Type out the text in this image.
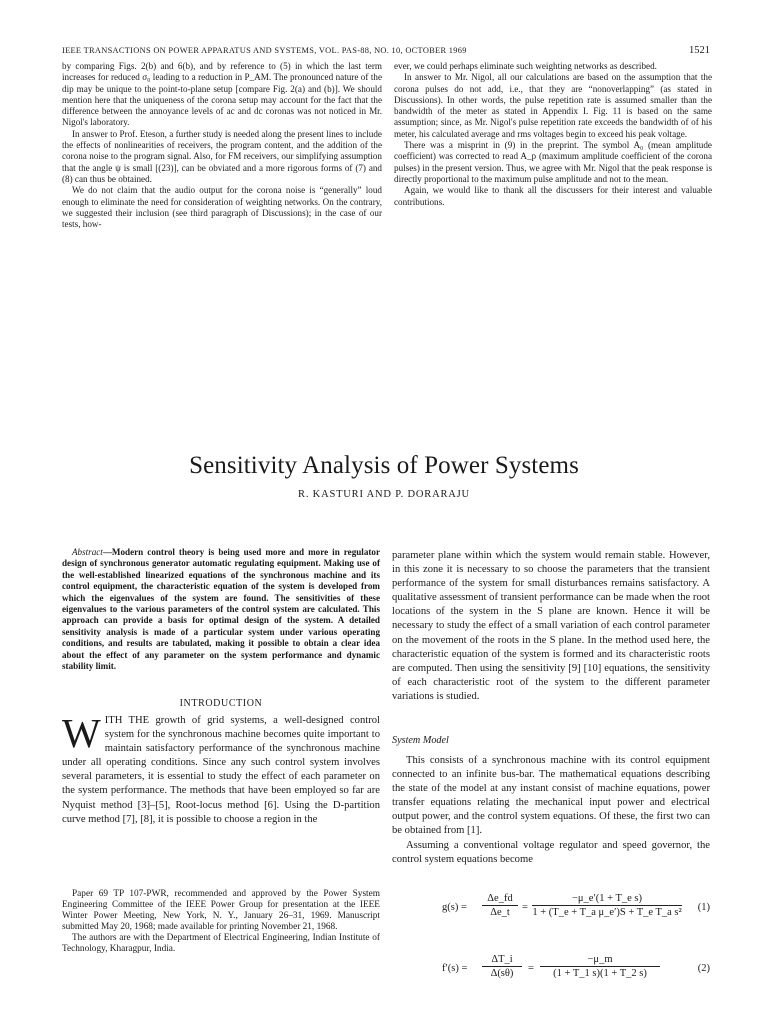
IEEE TRANSACTIONS ON POWER APPARATUS AND SYSTEMS, VOL. PAS-88, NO. 10, OCTOBER 1969	1521

by comparing Figs. 2(b) and 6(b), and by reference to (5) in which the last term increases for reduced σ₀ leading to a reduction in P_AM. The pronounced nature of the dip may be unique to the point-to-plane setup [compare Fig. 2(a) and (b)]. We should mention here that the uniqueness of the corona setup may account for the fact that the difference between the annoyance levels of ac and dc coronas was not noticed in Mr. Nigol's laboratory.

In answer to Prof. Eteson, a further study is needed along the present lines to include the effects of nonlinearities of receivers, the program content, and the addition of the corona noise to the program signal. Also, for FM receivers, our simplifying assumption that the angle ψ is small [(23)], can be obviated and a more rigorous forms of (7) and (8) can thus be obtained.

We do not claim that the audio output for the corona noise is “generally” loud enough to eliminate the need for consideration of weighting networks. On the contrary, we suggested their inclusion (see third paragraph of Discussions); in the case of our tests, how-

ever, we could perhaps eliminate such weighting networks as described.

In answer to Mr. Nigol, all our calculations are based on the assumption that the corona pulses do not add, i.e., that they are “nonoverlapping” (as stated in Discussions). In other words, the pulse repetition rate is assumed smaller than the bandwidth of the meter as stated in Appendix I. Fig. 11 is based on the same assumption; since, as Mr. Nigol's pulse repetition rate exceeds the bandwidth of of his meter, his calculated average and rms voltages begin to exceed his peak voltage.

There was a misprint in (9) in the preprint. The symbol A₀ (mean amplitude coefficient) was corrected to read A_p (maximum amplitude coefficient of the corona pulses) in the present version. Thus, we agree with Mr. Nigol that the peak response is directly proportional to the maximum pulse amplitude and not to the mean.

Again, we would like to thank all the discussers for their interest and valuable contributions.

Sensitivity Analysis of Power Systems
R. KASTURI AND P. DORARAJU

Abstract—Modern control theory is being used more and more in regulator design of synchronous generator automatic regulating equipment. Making use of the well-established linearized equations of the synchronous machine and its control equipment, the characteristic equation of the system is developed from which the eigenvalues of the system are found. The sensitivities of these eigenvalues to the various parameters of the control system are calculated. This approach can provide a basis for optimal design of the system. A detailed sensitivity analysis is made of a particular system under various operating conditions, and results are tabulated, making it possible to obtain a clear idea about the effect of any parameter on the system performance and dynamic stability limit.

INTRODUCTION
WITH THE growth of grid systems, a well-designed control system for the synchronous machine becomes quite important to maintain satisfactory performance of the synchronous machine under all operating conditions. Since any such control system involves several parameters, it is essential to study the effect of each parameter on the system performance. The methods that have been employed so far are Nyquist method [3]–[5], Root-locus method [6]. Using the D-partition curve method [7], [8], it is possible to choose a region in the

parameter plane within which the system would remain stable. However, in this zone it is necessary to so choose the parameters that the transient performance of the system for small disturbances remains satisfactory. A qualitative assessment of transient performance can be made when the root locations of the system in the S plane are known. Hence it will be necessary to study the effect of a small variation of each control parameter on the movement of the roots in the S plane. In the method used here, the characteristic equation of the system is formed and its characteristic roots are computed. Then using the sensitivity [9] [10] equations, the sensitivity of each characteristic root of the system to the different parameter variations is studied.

System Model

This consists of a synchronous machine with its control equipment connected to an infinite bus-bar. The mathematical equations describing the state of the model at any instant consist of machine equations, power transfer equations relating the mechanical input power and electrical output power, and the control system equations. Of these, the first two can be obtained from [1].

Assuming a conventional voltage regulator and speed governor, the control system equations become

Paper 69 TP 107-PWR, recommended and approved by the Power System Engineering Committee of the IEEE Power Group for presentation at the IEEE Winter Power Meeting, New York, N. Y., January 26–31, 1969. Manuscript submitted May 20, 1968; made available for printing November 21, 1968.

The authors are with the Department of Electrical Engineering, Indian Institute of Technology, Kharagpur, India.

g(s) =
Δe_fd
Δe_t	=
−μ_e′(1 + T_e s)
1 + (T_e + T_a μ_e′)S + T_e T_a s² (1)
f′(s) =
ΔT_i
Δ(sθ)	=
−μ_m
(1 + T_1 s)(1 + T_2 s)	(2)
